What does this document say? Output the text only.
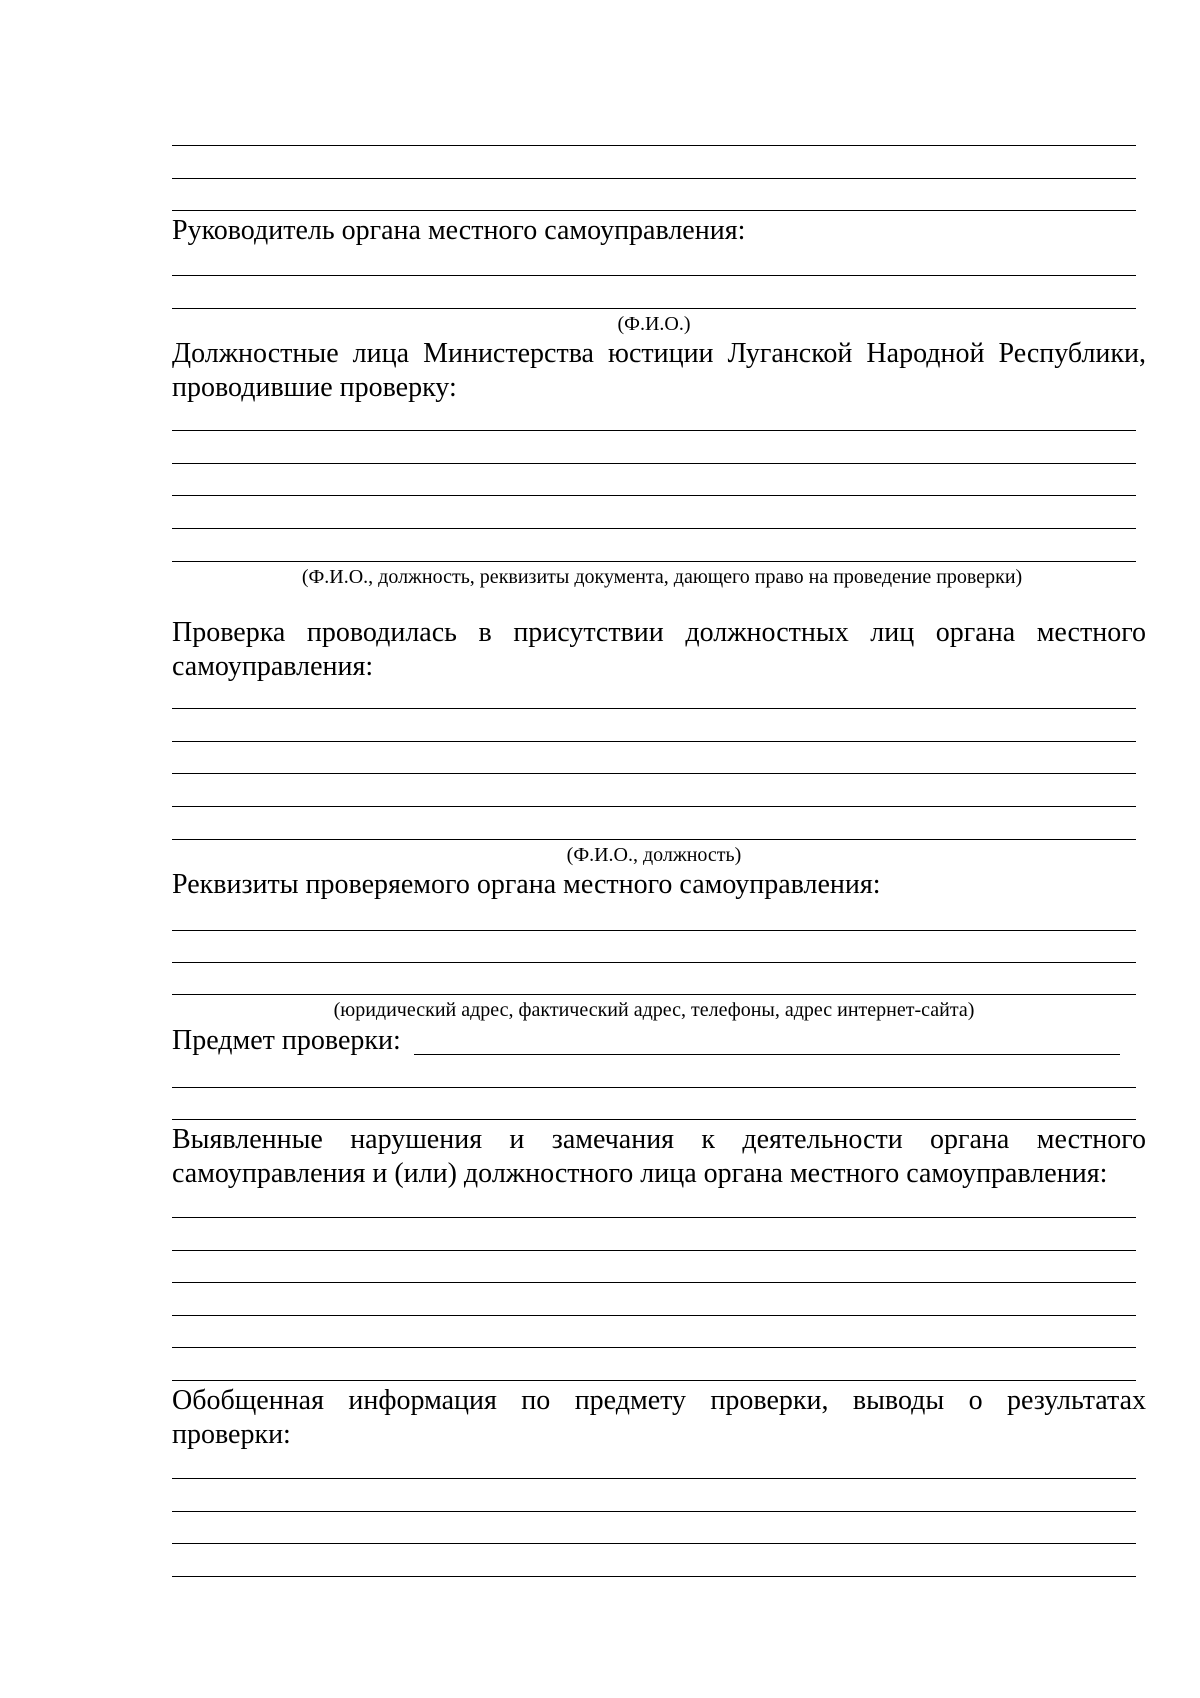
Руководитель органа местного самоуправления:
(Ф.И.О.)
Должностные лица Министерства юстиции Луганской Народной Республики, проводившие проверку:
(Ф.И.О., должность, реквизиты документа, дающего право на проведение проверки)
Проверка проводилась в присутствии должностных лиц органа местного самоуправления:
(Ф.И.О., должность)
Реквизиты проверяемого органа местного самоуправления:
(юридический адрес, фактический адрес, телефоны, адрес интернет-сайта)
Предмет проверки:
Выявленные нарушения и замечания к деятельности органа местного самоуправления и (или) должностного лица органа местного самоуправления:
Обобщенная информация по предмету проверки, выводы о результатах проверки:
